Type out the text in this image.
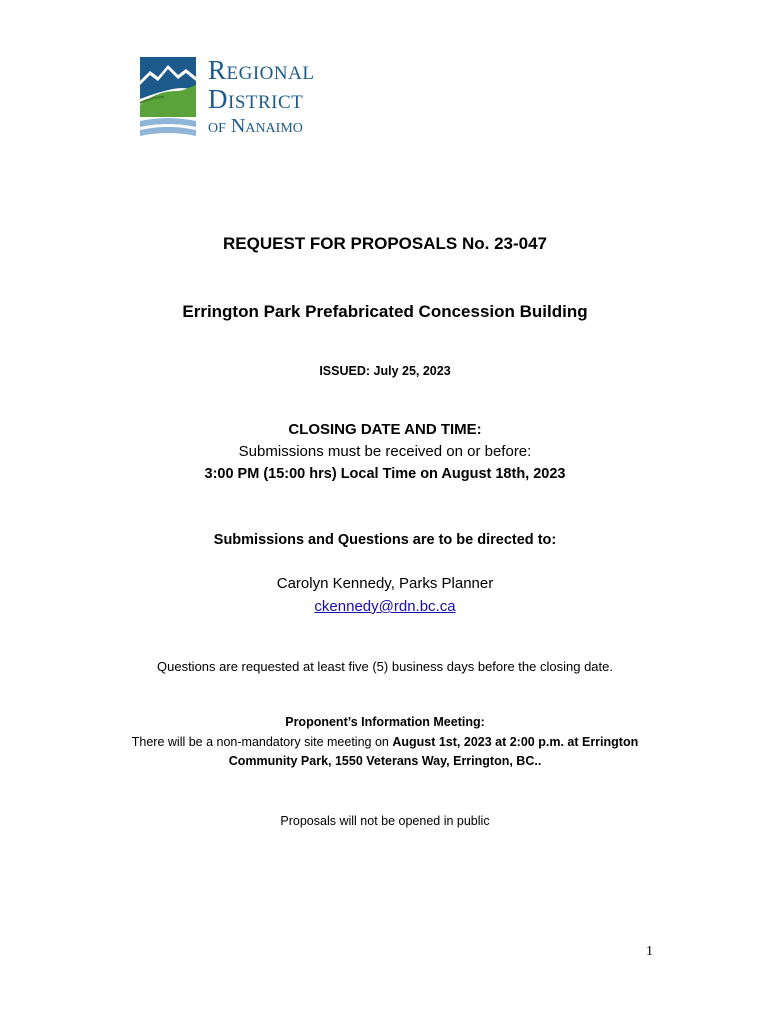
Regional
District
of Nanaimo
REQUEST FOR PROPOSALS No. 23-047
Errington Park Prefabricated Concession Building
ISSUED: July 25, 2023
CLOSING DATE AND TIME:
Submissions must be received on or before:
3:00 PM (15:00 hrs) Local Time on August 18th, 2023
Submissions and Questions are to be directed to:
Carolyn Kennedy, Parks Planner
ckennedy@rdn.bc.ca
Questions are requested at least five (5) business days before the closing date.
Proponent’s Information Meeting:
There will be a non-mandatory site meeting on August 1st, 2023 at 2:00 p.m. at Errington
Community Park, 1550 Veterans Way, Errington, BC..
Proposals will not be opened in public
1
